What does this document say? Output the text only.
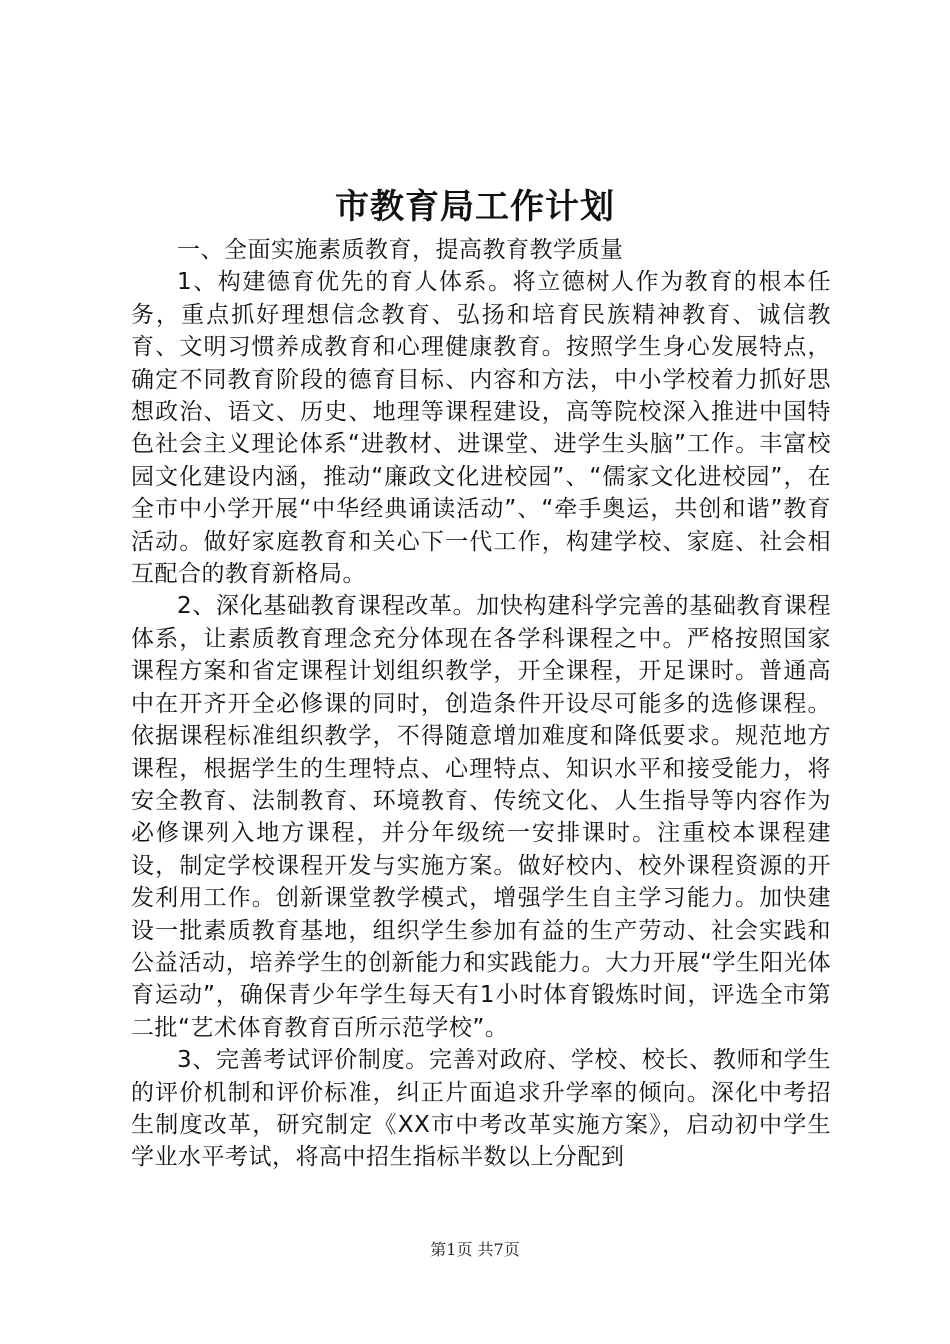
市教育局工作计划

一、全面实施素质教育，提高教育教学质量

1、构建德育优先的育人体系。将立德树人作为教育的根本任务，重点抓好理想信念教育、弘扬和培育民族精神教育、诚信教育、文明习惯养成教育和心理健康教育。按照学生身心发展特点，确定不同教育阶段的德育目标、内容和方法，中小学校着力抓好思想政治、语文、历史、地理等课程建设，高等院校深入推进中国特色社会主义理论体系“进教材、进课堂、进学生头脑”工作。丰富校园文化建设内涵，推动“廉政文化进校园”、“儒家文化进校园”，在全市中小学开展“中华经典诵读活动”、“牵手奥运，共创和谐”教育活动。做好家庭教育和关心下一代工作，构建学校、家庭、社会相互配合的教育新格局。

2、深化基础教育课程改革。加快构建科学完善的基础教育课程体系，让素质教育理念充分体现在各学科课程之中。严格按照国家课程方案和省定课程计划组织教学，开全课程，开足课时。普通高中在开齐开全必修课的同时，创造条件开设尽可能多的选修课程。依据课程标准组织教学，不得随意增加难度和降低要求。规范地方课程，根据学生的生理特点、心理特点、知识水平和接受能力，将安全教育、法制教育、环境教育、传统文化、人生指导等内容作为必修课列入地方课程，并分年级统一安排课时。注重校本课程建设，制定学校课程开发与实施方案。做好校内、校外课程资源的开发利用工作。创新课堂教学模式，增强学生自主学习能力。加快建设一批素质教育基地，组织学生参加有益的生产劳动、社会实践和公益活动，培养学生的创新能力和实践能力。大力开展“学生阳光体育运动”，确保青少年学生每天有1小时体育锻炼时间，评选全市第二批“艺术体育教育百所示范学校”。

3、完善考试评价制度。完善对政府、学校、校长、教师和学生的评价机制和评价标准，纠正片面追求升学率的倾向。深化中考招生制度改革，研究制定《XX市中考改革实施方案》，启动初中学生学业水平考试，将高中招生指标半数以上分配到

第1页 共7页
